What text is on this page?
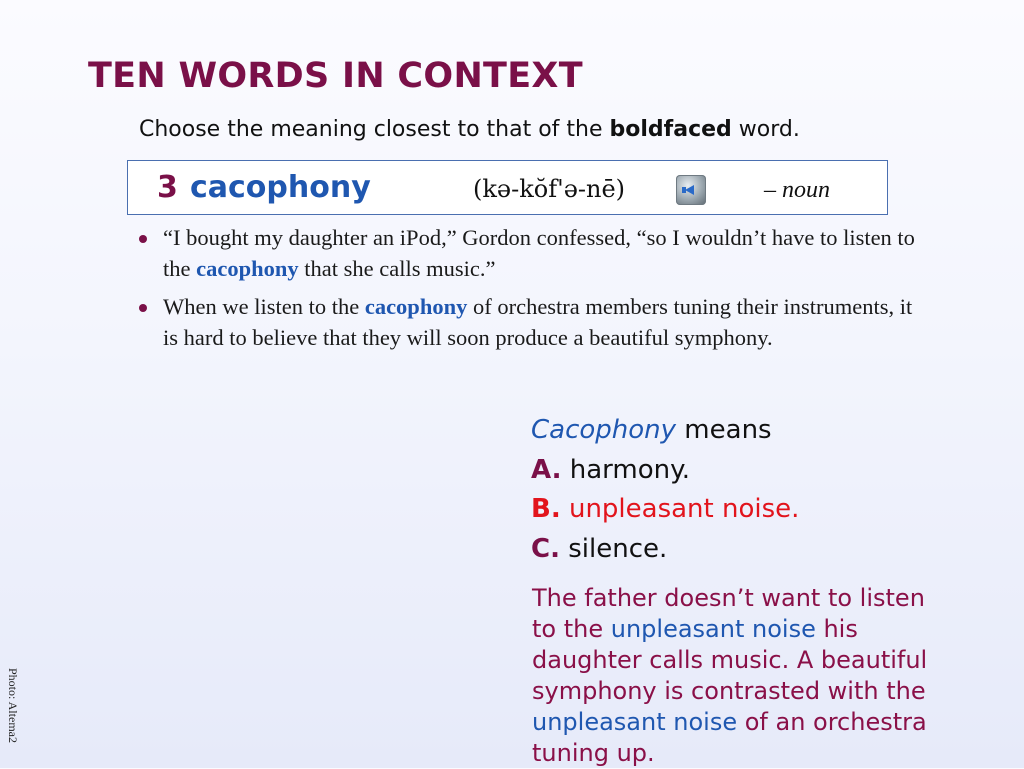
TEN WORDS IN CONTEXT
Choose the meaning closest to that of the boldfaced word.
3 cacophony	(kə-kŏf'ə-nē)	– noun
“I bought my daughter an iPod,” Gordon confessed, “so I wouldn’t have to listen to the cacophony that she calls music.”
When we listen to the cacophony of orchestra members tuning their instruments, it is hard to believe that they will soon produce a beautiful symphony.
Cacophony means
A. harmony.
B. unpleasant noise.
C. silence.
The father doesn’t want to listen to the unpleasant noise his daughter calls music. A beautiful symphony is contrasted with the unpleasant noise of an orchestra tuning up.
Photo: Altema2
